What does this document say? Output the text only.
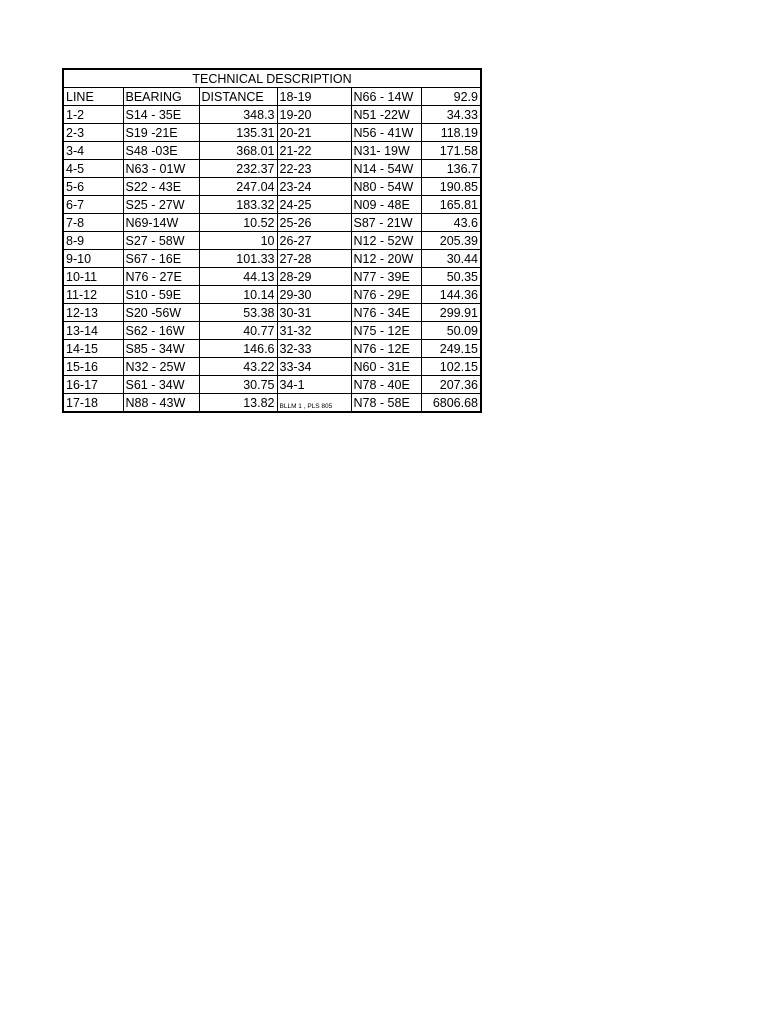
TECHNICAL DESCRIPTION					
LINE	BEARING	DISTANCE	18-19	N66 - 14W	92.9
1-2	S14 - 35E	348.3	19-20	N51 -22W	34.33
2-3	S19 -21E	135.31	20-21	N56 - 41W	118.19
3-4	S48 -03E	368.01	21-22	N31- 19W	171.58
4-5	N63 - 01W	232.37	22-23	N14 - 54W	136.7
5-6	S22 - 43E	247.04	23-24	N80 - 54W	190.85
6-7	S25 - 27W	183.32	24-25	N09 - 48E	165.81
7-8	N69-14W	10.52	25-26	S87 - 21W	43.6
8-9	S27 - 58W	10	26-27	N12 - 52W	205.39
9-10	S67 - 16E	101.33	27-28	N12 - 20W	30.44
10-11	N76 - 27E	44.13	28-29	N77 - 39E	50.35
11-12	S10 - 59E	10.14	29-30	N76 - 29E	144.36
12-13	S20 -56W	53.38	30-31	N76 - 34E	299.91
13-14	S62 - 16W	40.77	31-32	N75 - 12E	50.09
14-15	S85 - 34W	146.6	32-33	N76 - 12E	249.15
15-16	N32 - 25W	43.22	33-34	N60 - 31E	102.15
16-17	S61 - 34W	30.75	34-1	N78 - 40E	207.36
17-18	N88 - 43W	13.82	BLLM 1 , PLS 805	N78 - 58E	6806.68
